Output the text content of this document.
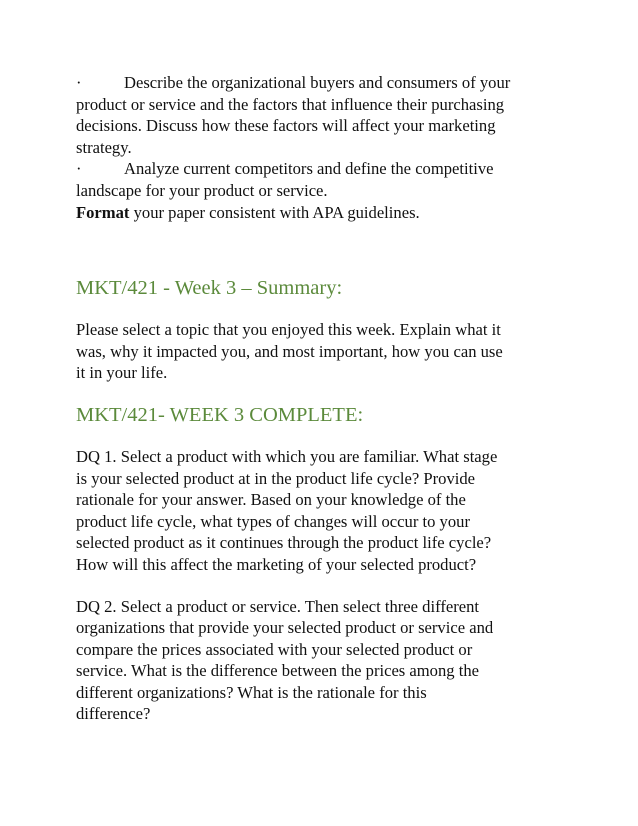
·	Describe the organizational buyers and consumers of your
product or service and the factors that influence their purchasing
decisions. Discuss how these factors will affect your marketing
strategy.
·	Analyze current competitors and define the competitive
landscape for your product or service.
Format your paper consistent with APA guidelines.
MKT/421 - Week 3 – Summary:
Please select a topic that you enjoyed this week. Explain what it
was, why it impacted you, and most important, how you can use
it in your life.
MKT/421- WEEK 3 COMPLETE:
DQ 1. Select a product with which you are familiar. What stage
is your selected product at in the product life cycle? Provide
rationale for your answer. Based on your knowledge of the
product life cycle, what types of changes will occur to your
selected product as it continues through the product life cycle?
How will this affect the marketing of your selected product?
DQ 2. Select a product or service. Then select three different
organizations that provide your selected product or service and
compare the prices associated with your selected product or
service. What is the difference between the prices among the
different organizations? What is the rationale for this
difference?
